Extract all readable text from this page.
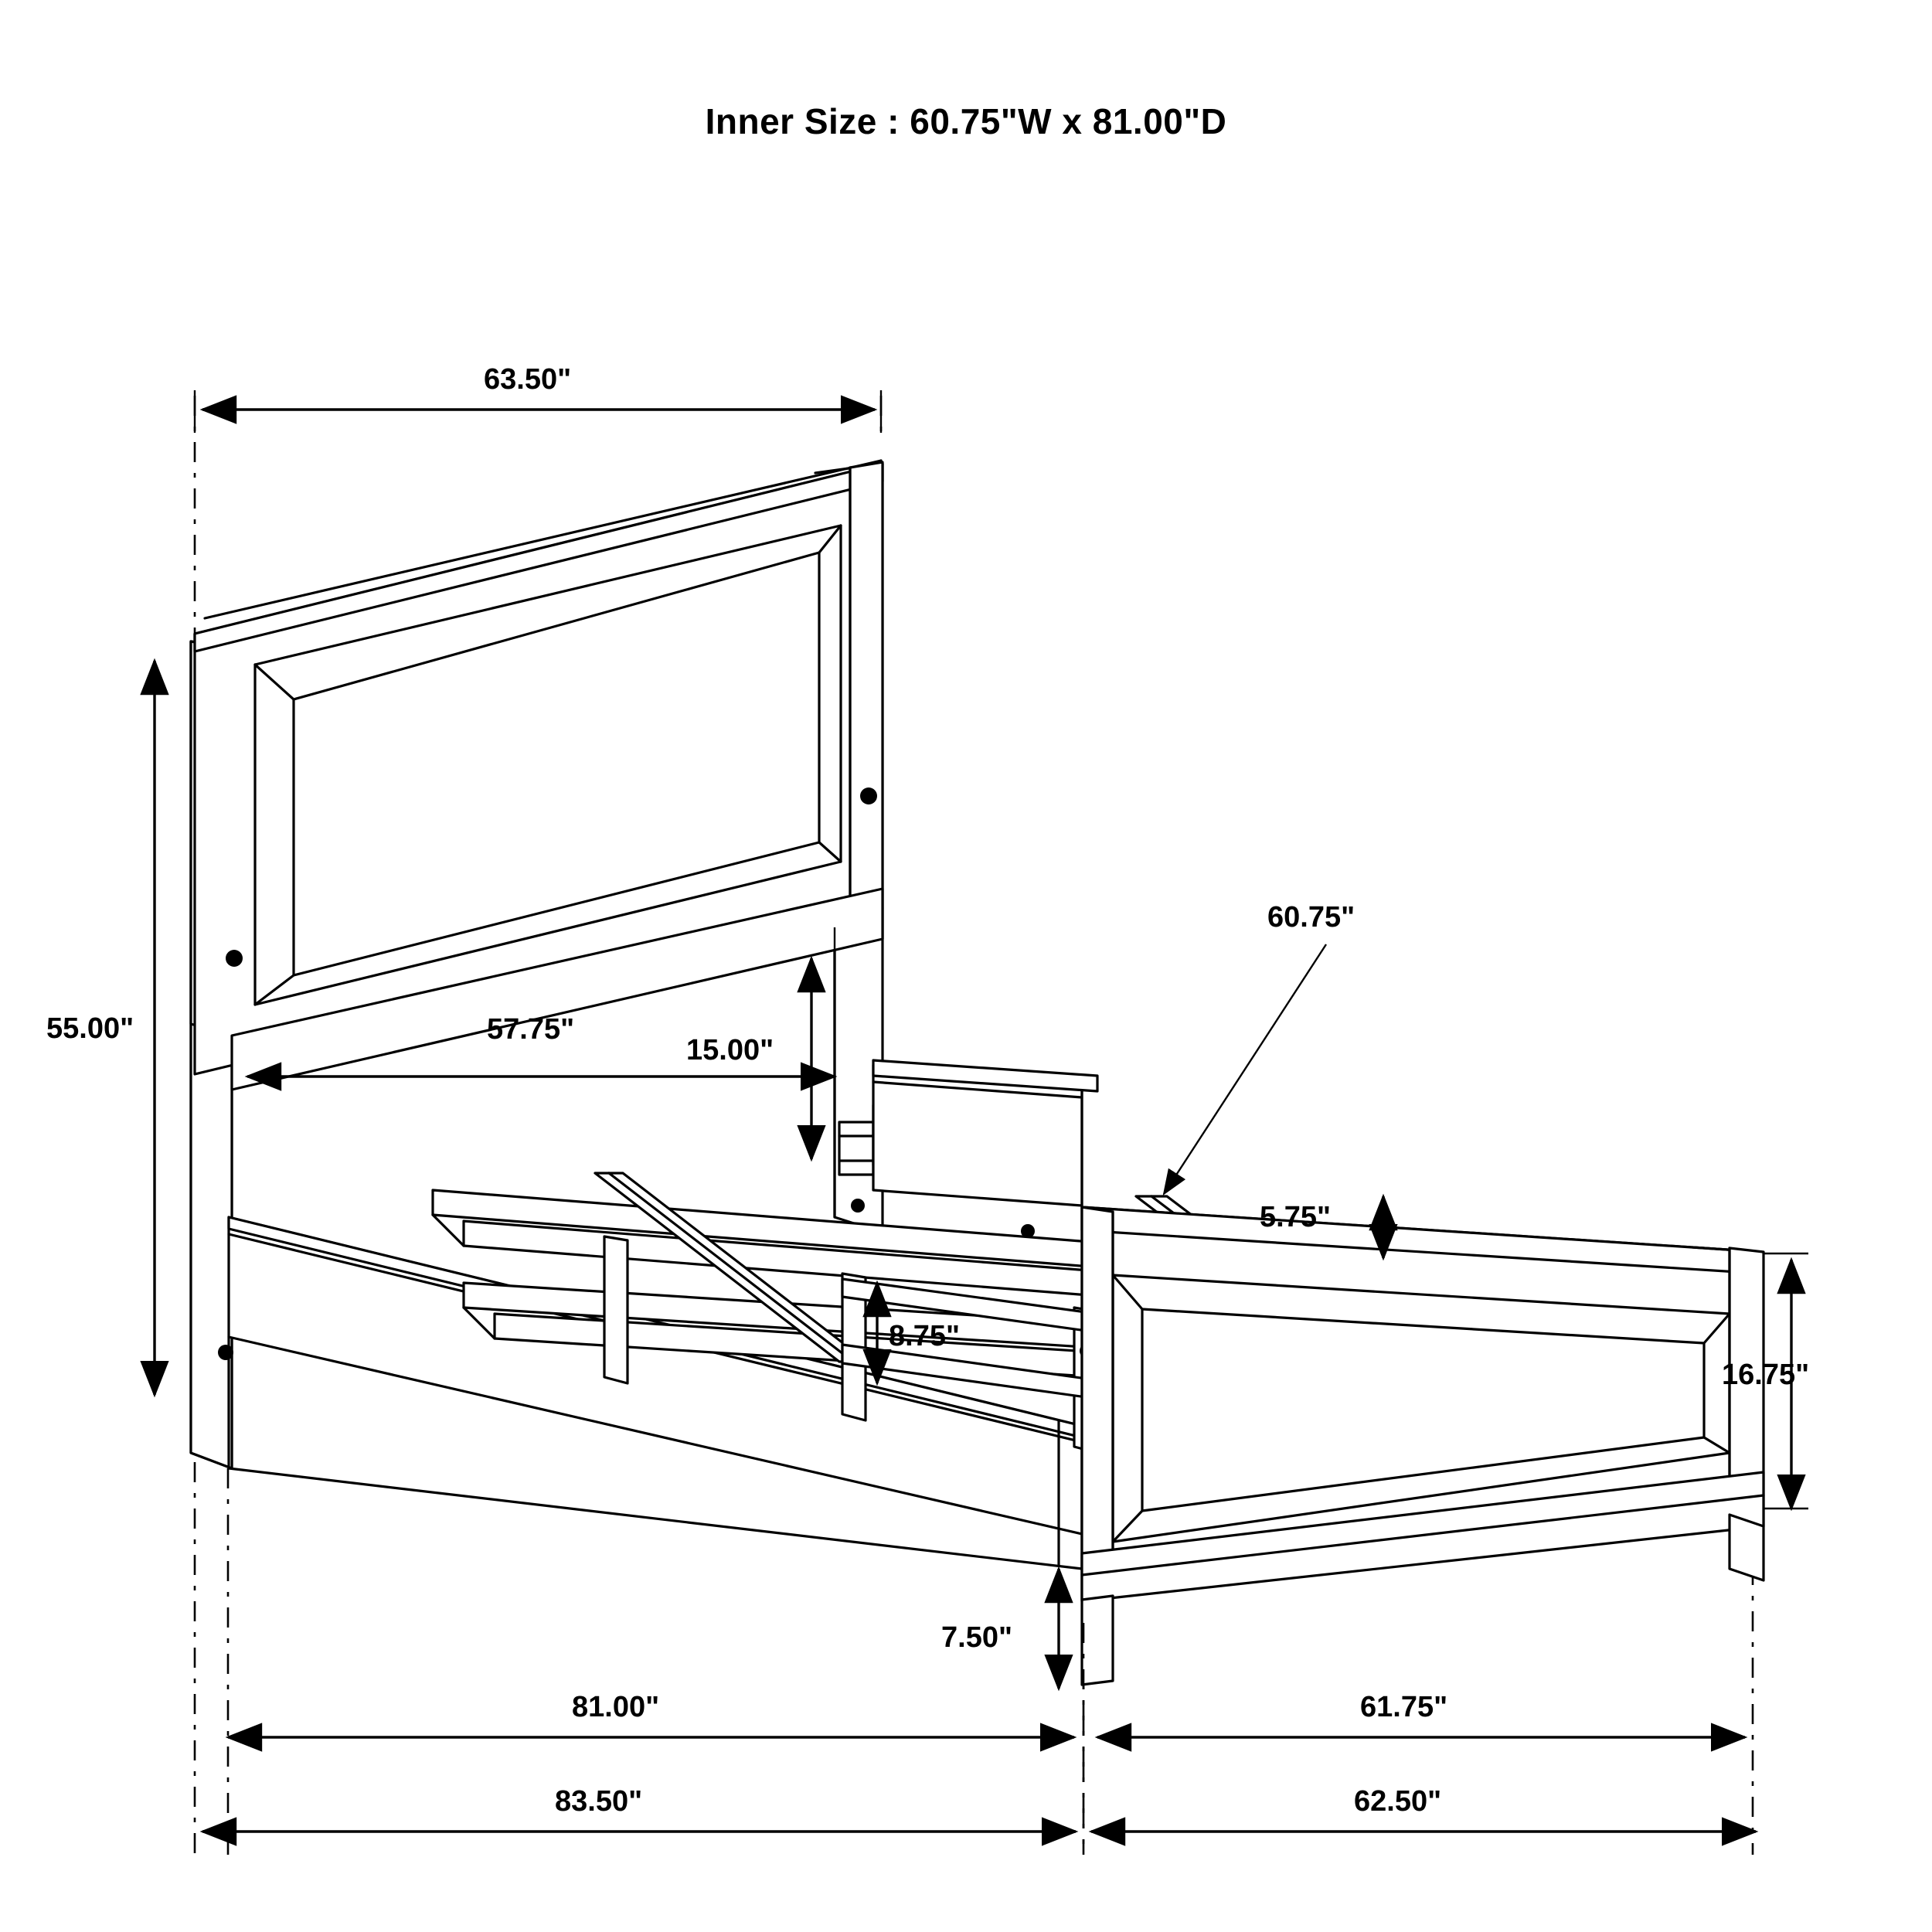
Inner Size : 60.75"W x 81.00"D
63.50"
55.00"	57.75"
15.00"
60.75"
5.75"
8.75"
16.75"
7.50"
81.00"	61.75"
83.50"	62.50"
